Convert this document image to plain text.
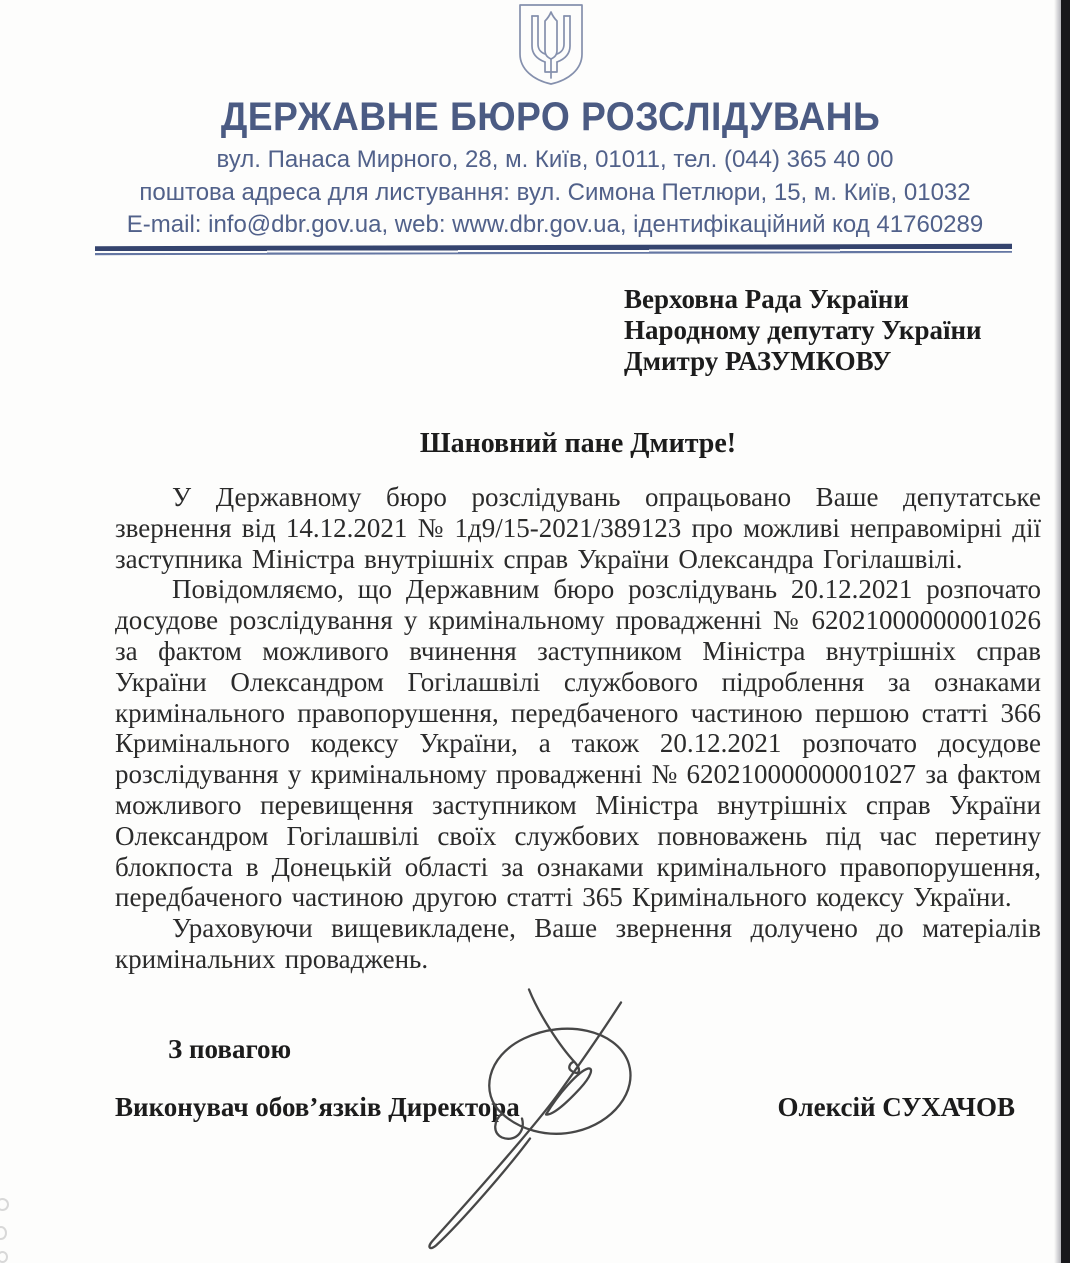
ДЕРЖАВНЕ БЮРО РОЗСЛІДУВАНЬ
вул. Панаса Мирного, 28, м. Київ, 01011, тел. (044) 365 40 00
поштова адреса для листування: вул. Симона Петлюри, 15, м. Київ, 01032
E-mail: info@dbr.gov.ua, web: www.dbr.gov.ua, ідентифікаційний код 41760289
Верховна Рада України
Народному депутату України
Дмитру РАЗУМКОВУ
Шановний пане Дмитре!

У Державному бюро розслідувань опрацьовано Ваше депутатське звернення від 14.12.2021 № 1д9/15-2021/389123 про можливі неправомірні дії заступника Міністра внутрішніх справ України Олександра Гогілашвілі.

Повідомляємо, що Державним бюро розслідувань 20.12.2021 розпочато досудове розслідування у кримінальному провадженні № 62021000000001026 за фактом можливого вчинення заступником Міністра внутрішніх справ України Олександром Гогілашвілі службового підроблення за ознаками кримінального правопорушення, передбаченого частиною першою статті 366 Кримінального кодексу України, а також 20.12.2021 розпочато досудове розслідування у кримінальному провадженні № 62021000000001027 за фактом можливого перевищення заступником Міністра внутрішніх справ України Олександром Гогілашвілі своїх службових повноважень під час перетину блокпоста в Донецькій області за ознаками кримінального правопорушення, передбаченого частиною другою статті 365 Кримінального кодексу України.

Ураховуючи вищевикладене, Ваше звернення долучено до матеріалів кримінальних проваджень.

З повагою
Виконувач обов’язків Директора	Олексій СУХАЧОВ
